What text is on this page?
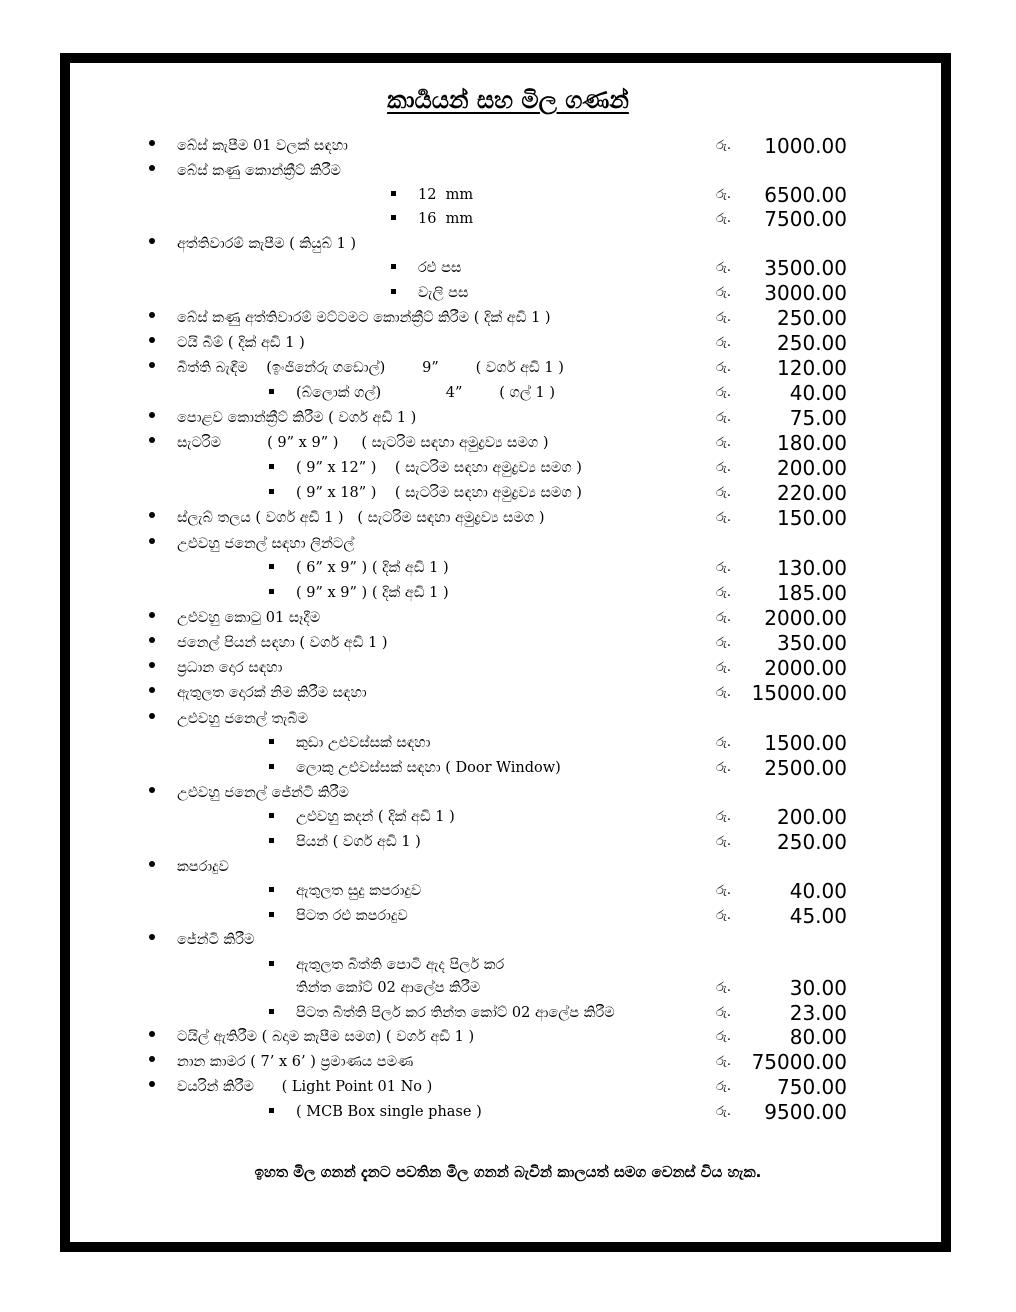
කාර්‍යයන් සහ මිල ගණන්
බේස් කැපීම 01 වලක් සඳහා	රු. 1000.00
බේස් කණු කොන්ක්‍රීට් කිරීම
12  mm	රු. 6500.00
16  mm	රු. 7500.00
අත්තිවාරම් කැපීම ( කියුබ් 1 )
රළු පස	රු. 3500.00
වැලි පස	රු. 3000.00
බේස් කණු අත්තිවාරම් මට්ටමට කොන්ක්‍රීට් කිරීම ( දික් අඩි 1 )	රු. 250.00
ටයි බීම් ( දික් අඩි 1 )	රු. 250.00
බිත්ති බැඳීම    (ඉංජිනේරු ගඩොල්)        9”        ( වර්ග අඩි 1 )	රු. 120.00
(බ්ලොක් ගල්)              4”        ( ගල් 1 )	රු.	40.00
පොළව කොන්ක්‍රීට් කිරීම ( වර්ග අඩි 1 )	රු.	75.00
සැටරිම          ( 9” x 9” )     ( සැටරිම සඳහා අමුද්‍රව්‍ය සමග )	රු. 180.00
( 9” x 12” )    ( සැටරිම සඳහා අමුද්‍රව්‍ය සමග )	රු. 200.00
( 9” x 18” )    ( සැටරිම සඳහා අමුද්‍රව්‍ය සමග )	රු. 220.00
ස්ලැබ් තලය ( වර්ග අඩි 1 )   ( සැටරිම සඳහා අමුද්‍රව්‍ය සමග )	රු. 150.00
උළුවහු ජනෙල් සඳහා ලින්ටල්
( 6” x 9” ) ( දික් අඩි 1 )	රු. 130.00
( 9” x 9” ) ( දික් අඩි 1 )	රු. 185.00
උළුවහු කොටු 01 සෑදීම	රු. 2000.00
ජනෙල් පියන් සඳහා ( වර්ග අඩි 1 )	රු. 350.00
ප්‍රධාන දොර සඳහා	රු. 2000.00
ඇතුලත දොරක් නිම කිරීම සඳහා	රු. 15000.00
උළුවහු ජනෙල් තැබීම
කුඩා උළුවස්සක් සඳහා	රු. 1500.00
ලොකු උළුවස්සක් සඳහා ( Door Window)	රු. 2500.00
උළුවහු ජනෙල් ජේන්ටි කිරීම
උළුවහු කදන් ( දික් අඩි 1 )	රු. 200.00
පියන් ( වර්ග අඩි 1 )	රු. 250.00
කපරාදුව
ඇතුලත සුදු කපරාදුව	රු.	40.00
පිටත රළු කපරාදුව	රු.	45.00
ජේන්ටි කිරීම
ඇතුලත බිත්ති පොටි ඇද පිලර් කර
තින්ත කෝට් 02 ආලේප කිරීම	රු.	30.00
පිටත බිත්ති පිලර් කර තින්ත කෝට් 02 ආලේප කිරීම	රු.	23.00
ටයිල් ඇතිරීම ( බදාම කැපීම සමග) ( වර්ග අඩි 1 )	රු.	80.00
නාන කාමර ( 7’ x 6’ ) ප්‍රමාණය පමණ	රු. 75000.00
වයරින් කිරීම      ( Light Point 01 No )	රු. 750.00
( MCB Box single phase )	රු. 9500.00
ඉහත මිල ගනන් දැනට පවතින මිල ගනන් බැවින් කාලයත් සමග වෙනස් විය හැක.
